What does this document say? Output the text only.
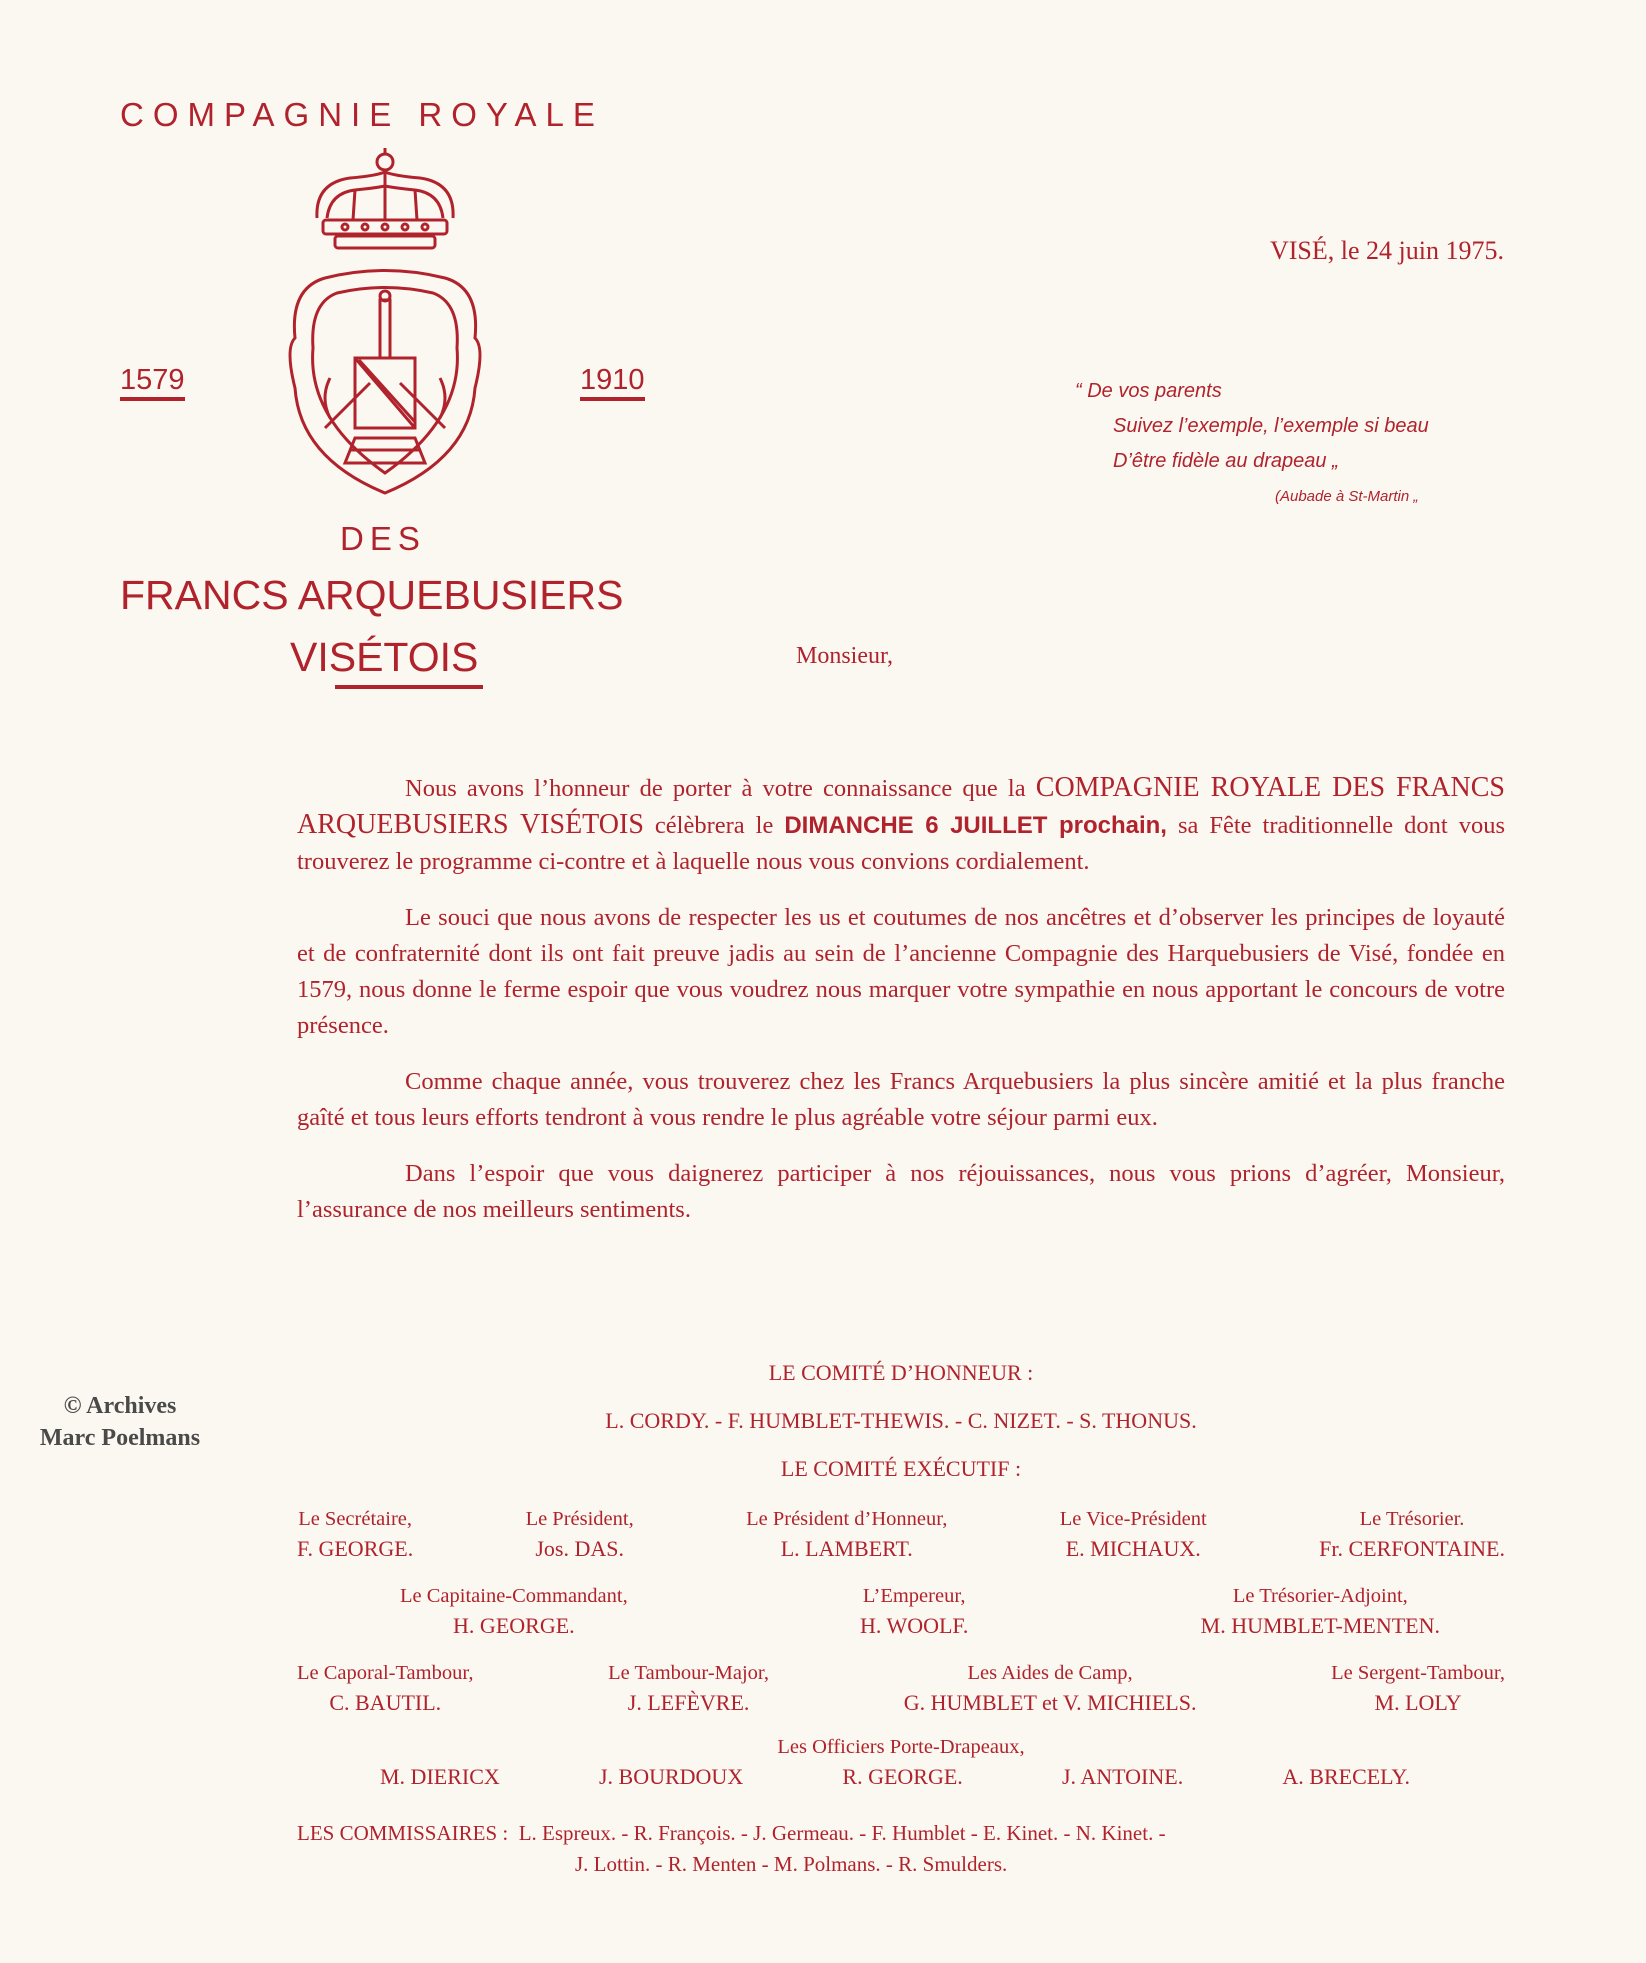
COMPAGNIE ROYALE
1579	1910
DES
FRANCS ARQUEBUSIERS
VISÉTOIS
VISÉ, le 24 juin 1975.
“ De vos parents
Suivez l’exemple, l’exemple si beau
D’être fidèle au drapeau „
(Aubade à St-Martin „
Monsieur,

Nous avons l’honneur de porter à votre connaissance que la COMPAGNIE ROYALE DES FRANCS ARQUEBUSIERS VISÉTOIS célèbrera le DIMANCHE 6 JUILLET prochain, sa Fête traditionnelle dont vous trouverez le programme ci-contre et à laquelle nous vous convions cordialement.

Le souci que nous avons de respecter les us et coutumes de nos ancêtres et d’observer les principes de loyauté et de confraternité dont ils ont fait preuve jadis au sein de l’ancienne Compagnie des Harquebusiers de Visé, fondée en 1579, nous donne le ferme espoir que vous voudrez nous marquer votre sympathie en nous apportant le concours de votre présence.

Comme chaque année, vous trouverez chez les Francs Arquebusiers la plus sincère amitié et la plus franche gaîté et tous leurs efforts tendront à vous rendre le plus agréable votre séjour parmi eux.

Dans l’espoir que vous daignerez participer à nos réjouissances, nous vous prions d’agréer, Monsieur, l’assurance de nos meilleurs sentiments.

LE COMITÉ D’HONNEUR :
L. CORDY. - F. HUMBLET-THEWIS. - C. NIZET. - S. THONUS.
LE COMITÉ EXÉCUTIF :
Le Secrétaire,
F. GEORGE.
Le Président,
Jos. DAS.
Le Président d’Honneur,
L. LAMBERT.
Le Vice-Président
E. MICHAUX.
Le Trésorier.
Fr. CERFONTAINE.
Le Capitaine-Commandant,
H. GEORGE.
L’Empereur,
H. WOOLF.
Le Trésorier-Adjoint,
M. HUMBLET-MENTEN.
Le Caporal-Tambour,
C. BAUTIL.
Le Tambour-Major,
J. LEFÈVRE.
Les Aides de Camp,
G. HUMBLET et V. MICHIELS.
Le Sergent-Tambour,
M. LOLY
Les Officiers Porte-Drapeaux,
M. DIERICX	J. BOURDOUX	R. GEORGE.	J. ANTOINE.	A. BRECELY.
LES COMMISSAIRES : L. Espreux. - R. François. - J. Germeau. - F. Humblet - E. Kinet. - N. Kinet. -
J. Lottin. - R. Menten - M. Polmans. - R. Smulders.
© Archives
Marc Poelmans
